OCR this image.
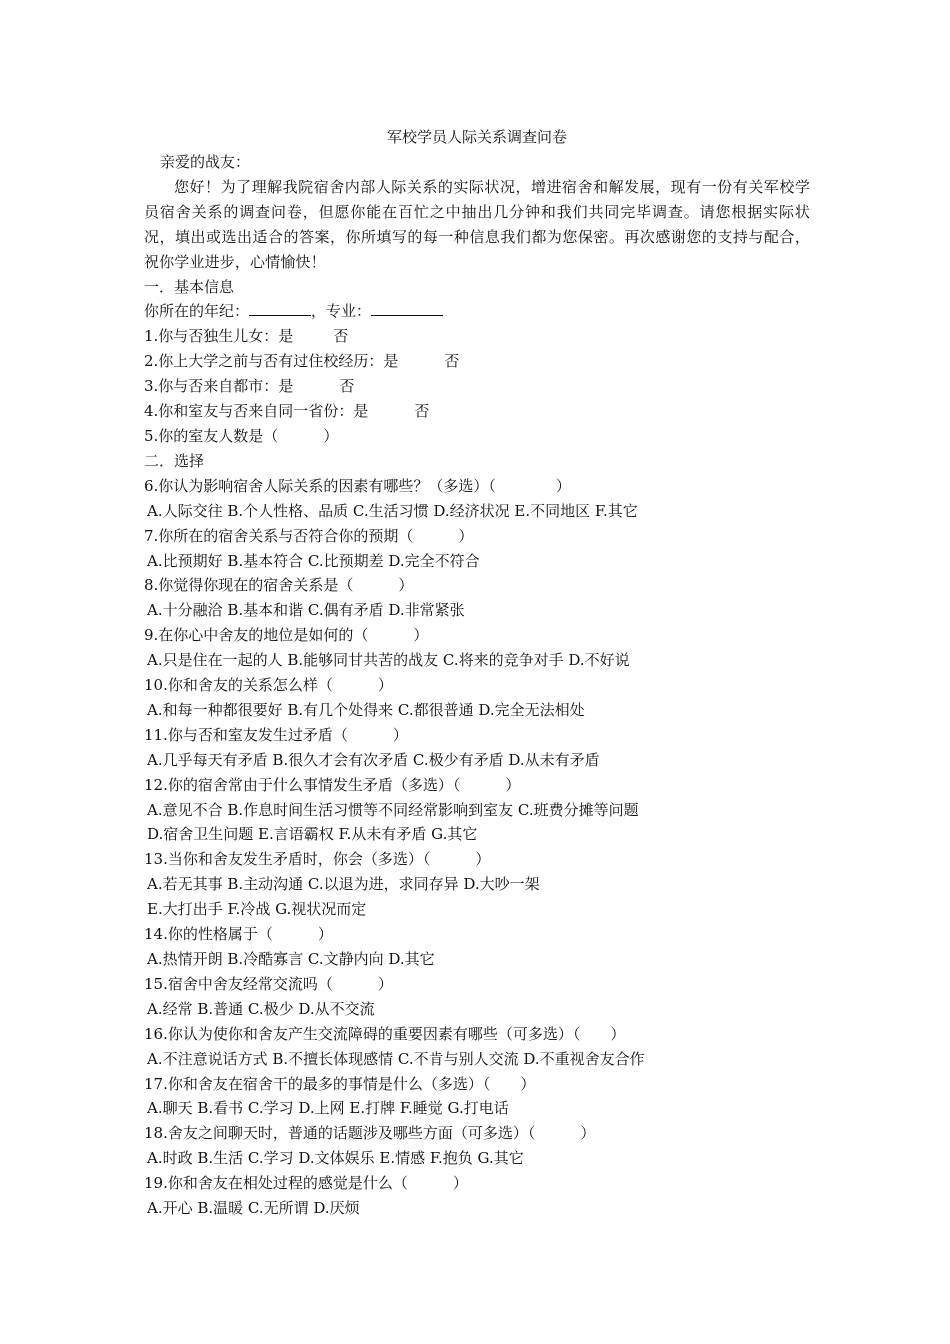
军校学员人际关系调查问卷

亲爱的战友：

您好！为了理解我院宿舍内部人际关系的实际状况，增进宿舍和解发展，现有一份有关军校学员宿舍关系的调查问卷，但愿你能在百忙之中抽出几分钟和我们共同完毕调查。请您根据实际状况，填出或选出适合的答案，你所填写的每一种信息我们都为您保密。再次感谢您的支持与配合，祝你学业进步，心情愉快！

一．基本信息

你所在的年纪：	，专业：

1.你与否独生儿女：是	否

2.你上大学之前与否有过住校经历：是	否

3.你与否来自都市：是	否

4.你和室友与否来自同一省份：是	否

5.你的室友人数是（　　　）

二．选择

6.你认为影响宿舍人际关系的因素有哪些？（多选）（　　　　）

A.人际交往 B.个人性格、品质 C.生活习惯 D.经济状况 E.不同地区 F.其它

7.你所在的宿舍关系与否符合你的预期（　　　）

A.比预期好 B.基本符合 C.比预期差 D.完全不符合

8.你觉得你现在的宿舍关系是（　　　）

A.十分融洽 B.基本和谐 C.偶有矛盾 D.非常紧张

9.在你心中舍友的地位是如何的（　　　）

A.只是住在一起的人 B.能够同甘共苦的战友 C.将来的竞争对手 D.不好说

10.你和舍友的关系怎么样（　　　）

A.和每一种都很要好 B.有几个处得来 C.都很普通 D.完全无法相处

11.你与否和室友发生过矛盾（　　　）

A.几乎每天有矛盾 B.很久才会有次矛盾 C.极少有矛盾 D.从未有矛盾

12.你的宿舍常由于什么事情发生矛盾（多选）（　　　）

A.意见不合 B.作息时间生活习惯等不同经常影响到室友 C.班费分摊等问题

D.宿舍卫生问题 E.言语霸权 F.从未有矛盾 G.其它

13.当你和舍友发生矛盾时，你会（多选）（　　　）

A.若无其事 B.主动沟通 C.以退为进，求同存异 D.大吵一架

E.大打出手 F.冷战 G.视状况而定

14.你的性格属于（　　　）

A.热情开朗 B.冷酷寡言 C.文静内向 D.其它

15.宿舍中舍友经常交流吗（　　　）

A.经常 B.普通 C.极少 D.从不交流

16.你认为使你和舍友产生交流障碍的重要因素有哪些（可多选）（　　）

A.不注意说话方式 B.不擅长体现感情 C.不肯与别人交流 D.不重视舍友合作

17.你和舍友在宿舍干的最多的事情是什么（多选）（　　）

A.聊天 B.看书 C.学习 D.上网 E.打牌 F.睡觉 G.打电话

18.舍友之间聊天时，普通的话题涉及哪些方面（可多选）（　　　）

A.时政 B.生活 C.学习 D.文体娱乐 E.情感 F.抱负 G.其它

19.你和舍友在相处过程的感觉是什么（　　　）

A.开心 B.温暖 C.无所谓 D.厌烦
